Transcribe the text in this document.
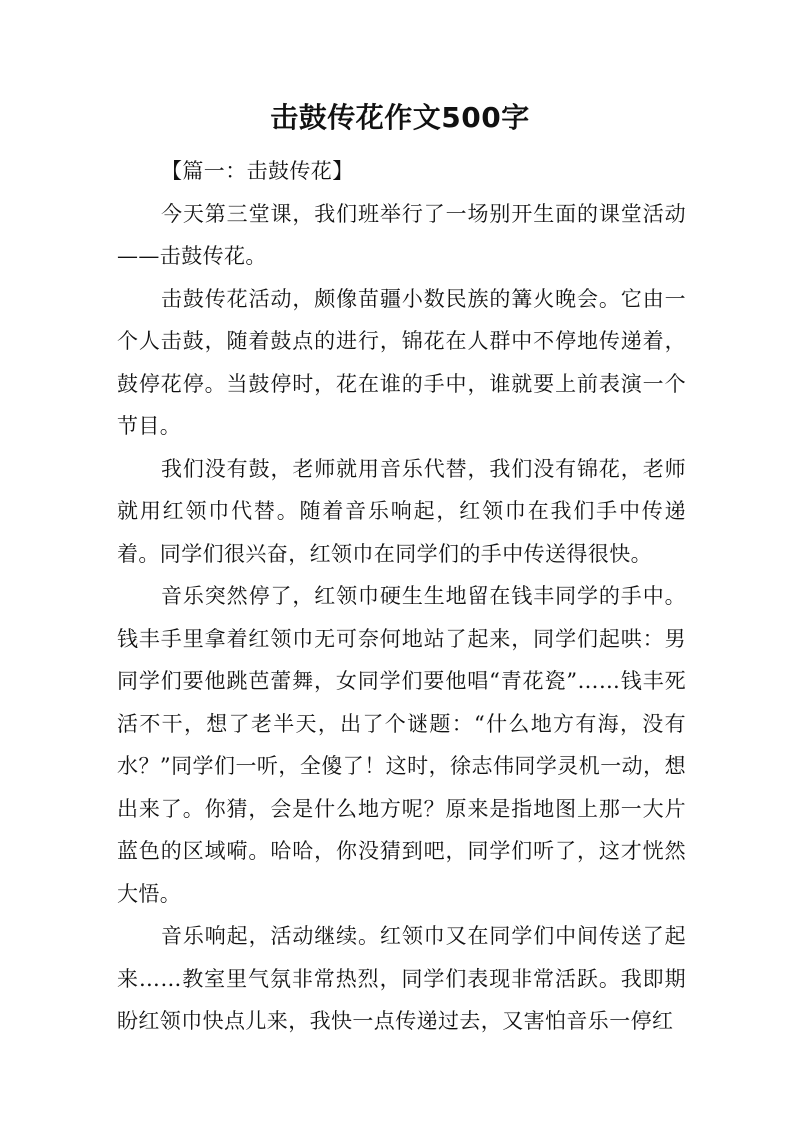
击鼓传花作文500字

【篇一：击鼓传花】

今天第三堂课，我们班举行了一场别开生面的课堂活动——击鼓传花。

击鼓传花活动，颇像苗疆小数民族的篝火晚会。它由一个人击鼓，随着鼓点的进行，锦花在人群中不停地传递着，鼓停花停。当鼓停时，花在谁的手中，谁就要上前表演一个节目。

我们没有鼓，老师就用音乐代替，我们没有锦花，老师就用红领巾代替。随着音乐响起，红领巾在我们手中传递着。同学们很兴奋，红领巾在同学们的手中传送得很快。

音乐突然停了，红领巾硬生生地留在钱丰同学的手中。钱丰手里拿着红领巾无可奈何地站了起来，同学们起哄：男同学们要他跳芭蕾舞，女同学们要他唱“青花瓷”……钱丰死活不干，想了老半天，出了个谜题：“什么地方有海，没有水？”同学们一听，全傻了！这时，徐志伟同学灵机一动，想出来了。你猜，会是什么地方呢？原来是指地图上那一大片蓝色的区域嗬。哈哈，你没猜到吧，同学们听了，这才恍然大悟。

音乐响起，活动继续。红领巾又在同学们中间传送了起来……教室里气氛非常热烈，同学们表现非常活跃。我即期盼红领巾快点儿来，我快一点传递过去，又害怕音乐一停红
